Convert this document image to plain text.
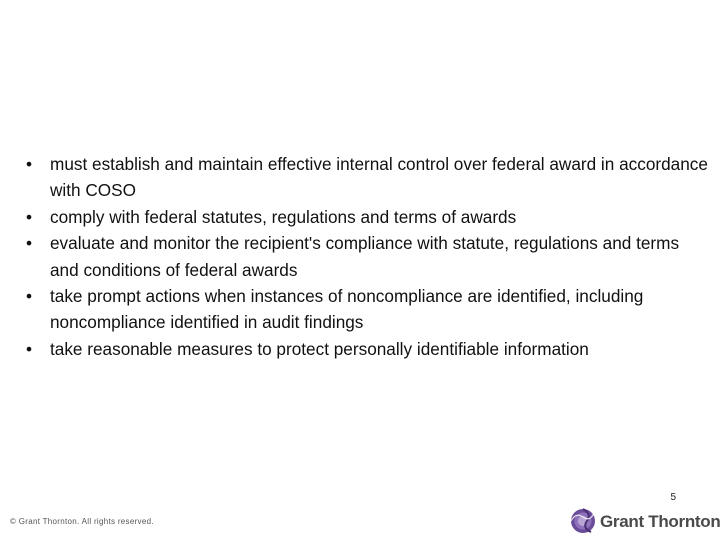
•	must establish and maintain effective internal control over federal award in accordance with COSO
•	comply with federal statutes, regulations and terms of awards
•	evaluate and monitor the recipient's compliance with statute, regulations and terms and conditions of federal awards
•	take prompt actions when instances of noncompliance are identified, including noncompliance identified in audit findings
•	take reasonable measures to protect personally identifiable information
5
© Grant Thornton. All rights reserved.	Grant Thornton
